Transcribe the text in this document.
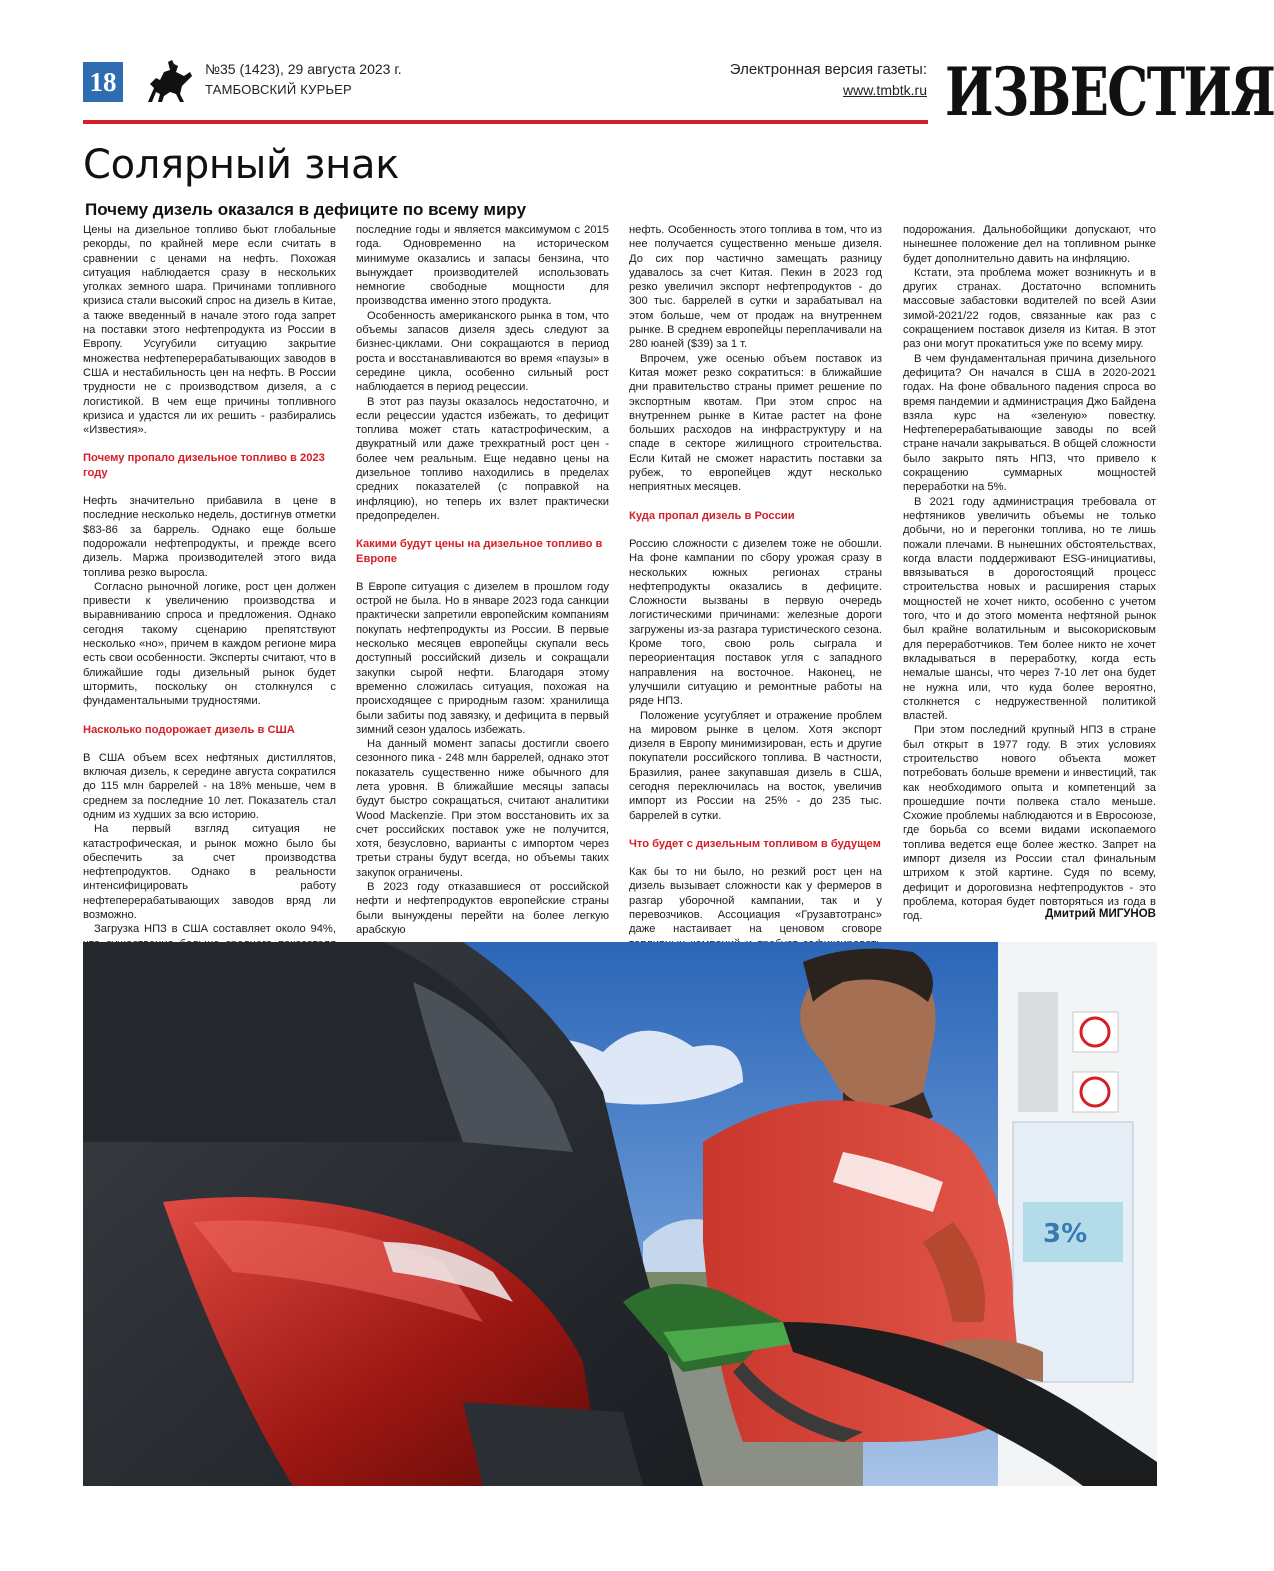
18	№35 (1423), 29 августа 2023 г.
ТАМБОВСКИЙ КУРЬЕР
Электронная версия газеты:
www.tmbtk.ru ИЗВЕСТИЯ
Солярный знак
Почему дизель оказался в дефиците по всему миру

Цены на дизельное топливо бьют глобальные рекорды, по крайней мере если считать в сравнении с ценами на нефть. Похожая ситуация наблюдается сразу в нескольких уголках земного шара. Причинами топливного кризиса стали высокий спрос на дизель в Китае, а также введенный в начале этого года запрет на поставки этого нефтепродукта из России в Европу. Усугубили ситуацию закрытие множества нефтеперерабатывающих заводов в США и нестабильность цен на нефть. В России трудности не с производством дизеля, а с логистикой. В чем еще причины топливного кризиса и удастся ли их решить - разбирались «Известия».

Почему пропало дизельное топливо в 2023 году

Нефть значительно прибавила в цене в последние несколько недель, достигнув отметки $83-86 за баррель. Однако еще больше подорожали нефтепродукты, и прежде всего дизель. Маржа производителей этого вида топлива резко выросла.

Согласно рыночной логике, рост цен должен привести к увеличению производства и выравниванию спроса и предложения. Однако сегодня такому сценарию препятствуют несколько «но», причем в каждом регионе мира есть свои особенности. Эксперты считают, что в ближайшие годы дизельный рынок будет штормить, поскольку он столкнулся с фундаментальными трудностями.

Насколько подорожает дизель в США

В США объем всех нефтяных дистиллятов, включая дизель, к середине августа сократился до 115 млн баррелей - на 18% меньше, чем в среднем за последние 10 лет. Показатель стал одним из худших за всю историю.

На первый взгляд ситуация не катастрофическая, и рынок можно было бы обеспечить за счет производства нефтепродуктов. Однако в реальности интенсифицировать работу нефтеперерабатывающих заводов вряд ли возможно.

Загрузка НПЗ в США составляет около 94%,

последние годы и является максимумом с 2015 года. Одновременно на историческом минимуме оказались и запасы бензина, что вынуждает производителей использовать немногие свободные мощности для производства именно этого продукта.

Особенность американского рынка в том, что объемы запасов дизеля здесь следуют за бизнес-циклами. Они сокращаются в период роста и восстанавливаются во время «паузы» в середине цикла, особенно сильный рост наблюдается в период рецессии.

В этот раз паузы оказалось недостаточно, и если рецессии удастся избежать, то дефицит топлива может стать катастрофическим, а двукратный или даже трехкратный рост цен - более чем реальным. Еще недавно цены на дизельное топливо находились в пределах средних показателей (с поправкой на инфляцию), но теперь их взлет практически предопределен.

Какими будут цены на дизельное топливо в Европе

В Европе ситуация с дизелем в прошлом году острой не была. Но в январе 2023 года санкции практически запретили европейским компаниям покупать нефтепродукты из России. В первые несколько месяцев европейцы скупали весь доступный российский дизель и сокращали закупки сырой нефти. Благодаря этому временно сложилась ситуация, похожая на происходящее с природным газом: хранилища были забиты под завязку, и дефицита в первый зимний сезон удалось избежать.

На данный момент запасы достигли своего сезонного пика - 248 млн баррелей, однако этот показатель существенно ниже обычного для лета уровня. В ближайшие месяцы запасы будут быстро сокращаться, считают аналитики Wood Mackenzie. При этом восстановить их за счет российских поставок уже не получится, хотя, безусловно, варианты с импортом через третьи страны будут всегда, но объемы таких закупок ограничены.

В 2023 году отказавшиеся от российской нефти и нефтепродуктов европейские страны были вынуждены перейти на более легкую арабскую

нефть. Особенность этого топлива в том, что из нее получается существенно меньше дизеля. До сих пор частично замещать разницу удавалось за счет Китая. Пекин в 2023 год резко увеличил экспорт нефтепродуктов - до 300 тыс. баррелей в сутки и зарабатывал на этом больше, чем от продаж на внутреннем рынке. В среднем европейцы переплачивали на 280 юаней ($39) за 1 т.

Впрочем, уже осенью объем поставок из Китая может резко сократиться: в ближайшие дни правительство страны примет решение по экспортным квотам. При этом спрос на внутреннем рынке в Китае растет на фоне больших расходов на инфраструктуру и на спаде в секторе жилищного строительства. Если Китай не сможет нарастить поставки за рубеж, то европейцев ждут несколько неприятных месяцев.

Куда пропал дизель в России

Россию сложности с дизелем тоже не обошли. На фоне кампании по сбору урожая сразу в нескольких южных регионах страны нефтепродукты оказались в дефиците. Сложности вызваны в первую очередь логистическими причинами: железные дороги загружены из-за разгара туристического сезона. Кроме того, свою роль сыграла и переориентация поставок угля с западного направления на восточное. Наконец, не улучшили ситуацию и ремонтные работы на ряде НПЗ.

Положение усугубляет и отражение проблем на мировом рынке в целом. Хотя экспорт дизеля в Европу минимизирован, есть и другие покупатели российского топлива. В частности, Бразилия, ранее закупавшая дизель в США, сегодня переключилась на восток, увеличив импорт из России на 25% - до 235 тыс. баррелей в сутки.

Что будет с дизельным топливом в будущем

Как бы то ни было, но резкий рост цен на дизель вызывает сложности как у фермеров в разгар уборочной кампании, так и у перевозчиков. Ассоциация «Грузавтотранс» даже настаивает на ценовом сговоре

подорожания. Дальнобойщики допускают, что нынешнее положение дел на топливном рынке будет дополнительно давить на инфляцию.

Кстати, эта проблема может возникнуть и в других странах. Достаточно вспомнить массовые забастовки водителей по всей Азии зимой-2021/22 годов, связанные как раз с сокращением поставок дизеля из Китая. В этот раз они могут прокатиться уже по всему миру.

В чем фундаментальная причина дизельного дефицита? Он начался в США в 2020-2021 годах. На фоне обвального падения спроса во время пандемии и администрация Джо Байдена взяла курс на «зеленую» повестку. Нефтеперерабатывающие заводы по всей стране начали закрываться. В общей сложности было закрыто пять НПЗ, что привело к сокращению суммарных мощностей переработки на 5%.

В 2021 году администрация требовала от нефтяников увеличить объемы не только добычи, но и перегонки топлива, но те лишь пожали плечами. В нынешних обстоятельствах, когда власти поддерживают ESG-инициативы, ввязываться в дорогостоящий процесс строительства новых и расширения старых мощностей не хочет никто, особенно с учетом того, что и до этого момента нефтяной рынок был крайне волатильным и высокорисковым для переработчиков. Тем более никто не хочет вкладываться в переработку, когда есть немалые шансы, что через 7-10 лет она будет не нужна или, что куда более вероятно, столкнется с недружественной политикой властей.

При этом последний крупный НПЗ в стране был открыт в 1977 году. В этих условиях строительство нового объекта может потребовать больше времени и инвестиций, так как необходимого опыта и компетенций за прошедшие почти полвека стало меньше. Схожие проблемы наблюдаются и в Евросоюзе, где борьба со всеми видами ископаемого топлива ведется еще более жестко. Запрет на импорт дизеля из России стал финальным штрихом к этой картине. Судя по всему, дефицит и дороговизна нефтепродуктов - это проблема, которая будет повторяться из года в год.	Дмитрий МИГУНОВ
3%
